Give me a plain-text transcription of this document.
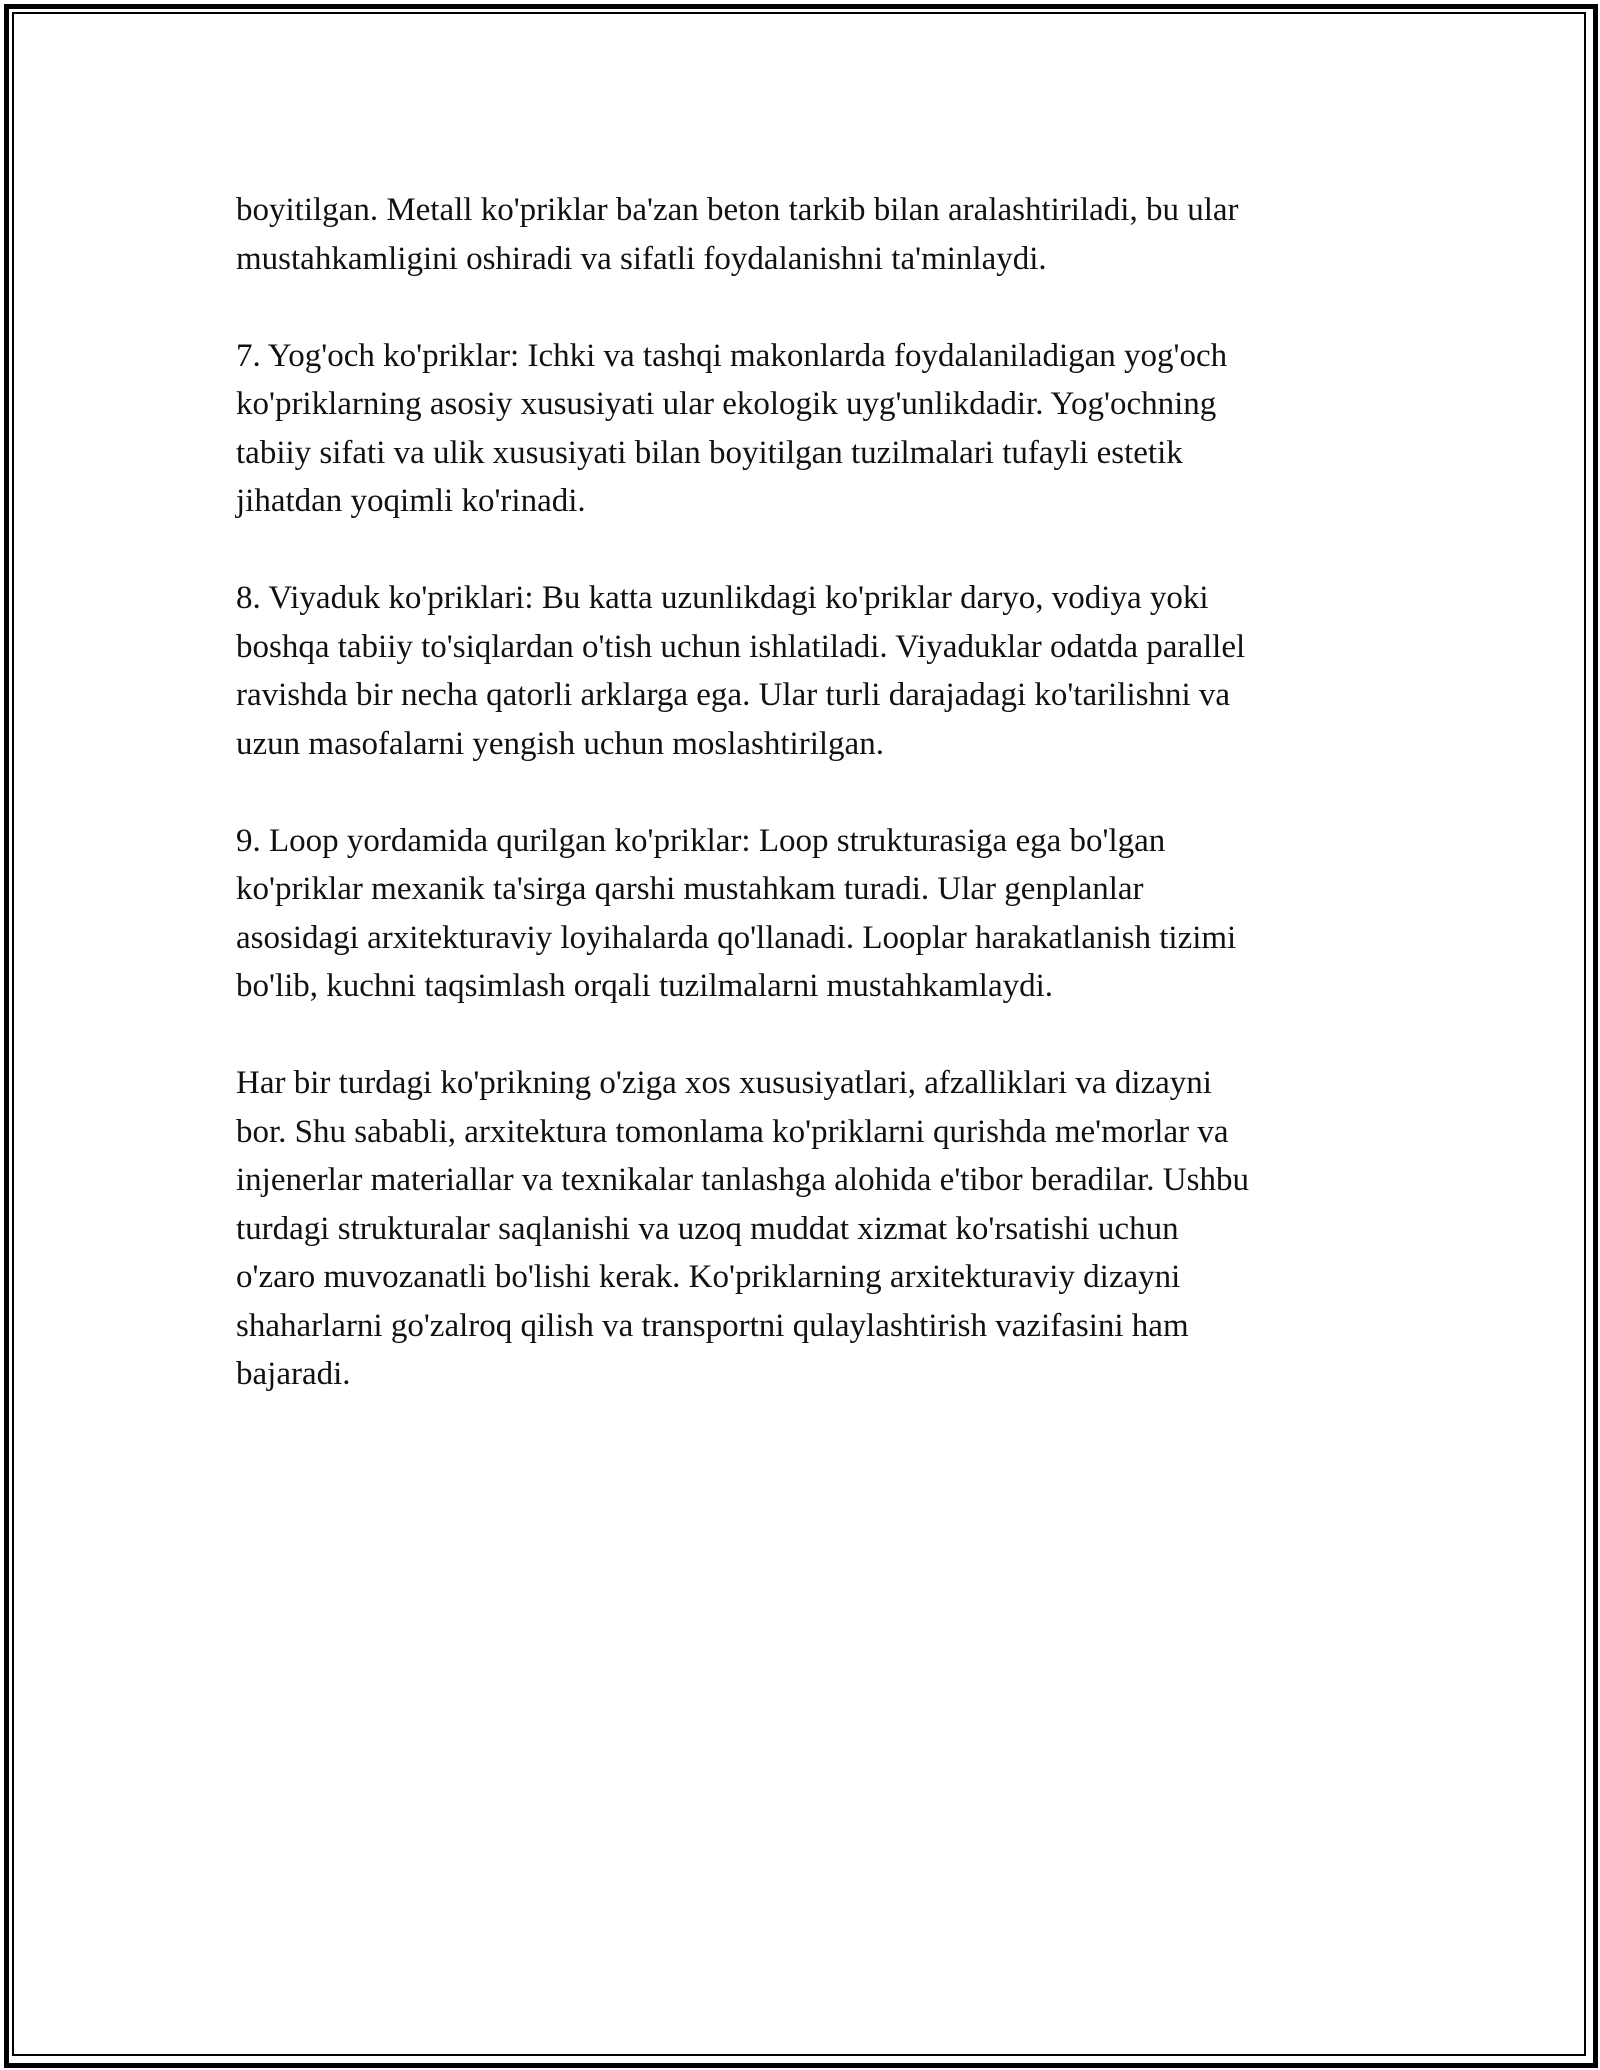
boyitilgan. Metall ko'priklar ba'zan beton tarkib bilan aralashtiriladi, bu ular
mustahkamligini oshiradi va sifatli foydalanishni ta'minlaydi.

7. Yog'och ko'priklar: Ichki va tashqi makonlarda foydalaniladigan yog'och
ko'priklarning asosiy xususiyati ular ekologik uyg'unlikdadir. Yog'ochning
tabiiy sifati va ulik xususiyati bilan boyitilgan tuzilmalari tufayli estetik
jihatdan yoqimli ko'rinadi.

8. Viyaduk ko'priklari: Bu katta uzunlikdagi ko'priklar daryo, vodiya yoki
boshqa tabiiy to'siqlardan o'tish uchun ishlatiladi. Viyaduklar odatda parallel
ravishda bir necha qatorli arklarga ega. Ular turli darajadagi ko'tarilishni va
uzun masofalarni yengish uchun moslashtirilgan.

9. Loop yordamida qurilgan ko'priklar: Loop strukturasiga ega bo'lgan
ko'priklar mexanik ta'sirga qarshi mustahkam turadi. Ular genplanlar
asosidagi arxitekturaviy loyihalarda qo'llanadi. Looplar harakatlanish tizimi
bo'lib, kuchni taqsimlash orqali tuzilmalarni mustahkamlaydi.

Har bir turdagi ko'prikning o'ziga xos xususiyatlari, afzalliklari va dizayni
bor. Shu sababli, arxitektura tomonlama ko'priklarni qurishda me'morlar va
injenerlar materiallar va texnikalar tanlashga alohida e'tibor beradilar. Ushbu
turdagi strukturalar saqlanishi va uzoq muddat xizmat ko'rsatishi uchun
o'zaro muvozanatli bo'lishi kerak. Ko'priklarning arxitekturaviy dizayni
shaharlarni go'zalroq qilish va transportni qulaylashtirish vazifasini ham
bajaradi.
